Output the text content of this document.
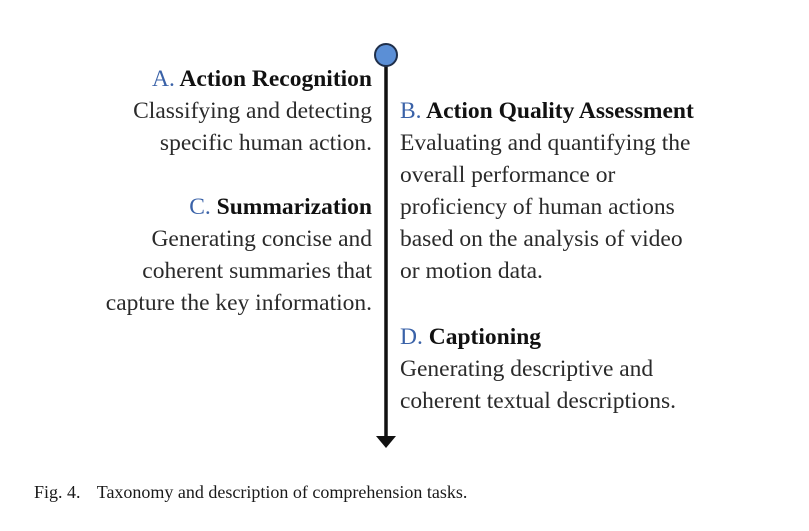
A. Action Recognition
Classifying and detecting
specific human action.
C. Summarization
Generating concise and
coherent summaries that
capture the key information.
B. Action Quality Assessment
Evaluating and quantifying the
overall performance or
proficiency of human actions
based on the analysis of video
or motion data.
D. Captioning
Generating descriptive and
coherent textual descriptions.
Fig. 4. Taxonomy and description of comprehension tasks.
